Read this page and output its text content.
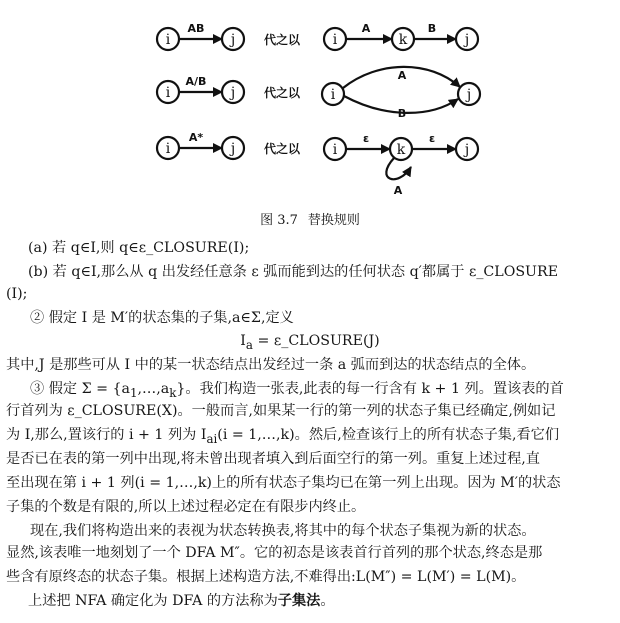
i
AB
j 代之以 i
A
k
B
j
i
A/B
j 代之以 i
A
B
j
i
A*
j 代之以 i
ε
k
ε
j
A
图 3.7 替换规则
(a) 若 q∈I,则 q∈ε_CLOSURE(I);
(b) 若 q∈I,那么从 q 出发经任意条 ε 弧而能到达的任何状态 q′都属于 ε_CLOSURE
(I);
② 假定 I 是 M′的状态集的子集,a∈Σ,定义
$I_a$ = ε_CLOSURE(J)
其中,J 是那些可从 I 中的某一状态结点出发经过一条 a 弧而到达的状态结点的全体。
③ 假定 $\Sigma = \{a_1,\dots,a_k\}$。我们构造一张表,此表的每一行含有 k + 1 列。置该表的首
行首列为 ε_CLOSURE(X)。一般而言,如果某一行的第一列的状态子集已经确定,例如记
为 I,那么,置该行的 i + 1 列为 $I_{ai}(i$ = 1,…,k)。然后,检查该行上的所有状态子集,看它们
是否已在表的第一列中出现,将未曾出现者填入到后面空行的第一列。重复上述过程,直
至出现在第 i + 1 列(i = 1,…,k)上的所有状态子集均已在第一列上出现。因为 M′的状态
子集的个数是有限的,所以上述过程必定在有限步内终止。
现在,我们将构造出来的表视为状态转换表,将其中的每个状态子集视为新的状态。
显然,该表唯一地刻划了一个 DFA M″。它的初态是该表首行首列的那个状态,终态是那
些含有原终态的状态子集。根据上述构造方法,不难得出:L(M″) = L(M′) = L(M)。
上述把 NFA 确定化为 DFA 的方法称为子集法。
